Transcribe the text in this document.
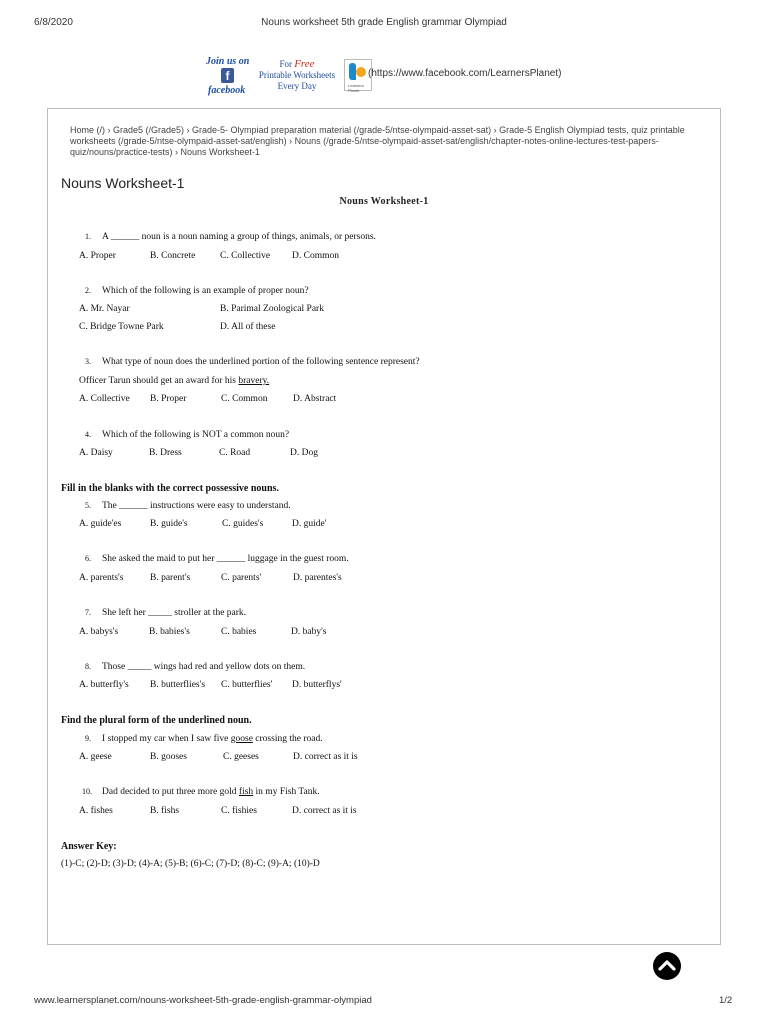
6/8/2020	Nouns worksheet 5th grade English grammar Olympiad
Join us on
f
facebook
For Free
Printable Worksheets
Every Day	Learners Planet
(https://www.facebook.com/LearnersPlanet)
Home (/) › Grade5 (/Grade5) › Grade-5- Olympiad preparation material (/grade-5/ntse-olympaid-asset-sat) › Grade-5 English Olympiad tests, quiz printable worksheets (/grade-5/ntse-olympaid-asset-sat/english) › Nouns (/grade-5/ntse-olympaid-asset-sat/english/chapter-notes-online-lectures-test-papers-quiz/nouns/practice-tests) › Nouns Worksheet-1
Nouns Worksheet-1
Nouns Worksheet-1
1. A ______ noun is a noun naming a group of things, animals, or persons.
A. Proper	B. Concrete	C. Collective D. Common
2. Which of the following is an example of proper noun?
A. Mr. Nayar	B. Parimal Zoological Park
C. Bridge Towne Park	D. All of these
3. What type of noun does the underlined portion of the following sentence represent?
Officer Tarun should get an award for his bravery.
A. Collective B. Proper	C. Common	D. Abstract
4. Which of the following is NOT a common noun?
A. Daisy	B. Dress	C. Road	D. Dog
Fill in the blanks with the correct possessive nouns.
5. The ______ instructions were easy to understand.
A. guide'es	B. guide's	C. guides's	D. guide'
6. She asked the maid to put her ______ luggage in the guest room.
A. parents's	B. parent's	C. parents'	D. parentes's
7. She left her _____ stroller at the park.
A. babys's	B. babies's	C. babies	D. baby's
8. Those _____ wings had red and yellow dots on them.
A. butterfly's B. butterflies's C. butterflies' D. butterflys'
Find the plural form of the underlined noun.
9. I stopped my car when I saw five goose crossing the road.
A. geese	B. gooses	C. geeses	D. correct as it is
10. Dad decided to put three more gold fish in my Fish Tank.
A. fishes	B. fishs	C. fishies	D. correct as it is
Answer Key:
(1)-C; (2)-D; (3)-D; (4)-A; (5)-B; (6)-C; (7)-D; (8)-C; (9)-A; (10)-D
www.learnersplanet.com/nouns-worksheet-5th-grade-english-grammar-olympiad	1/2
